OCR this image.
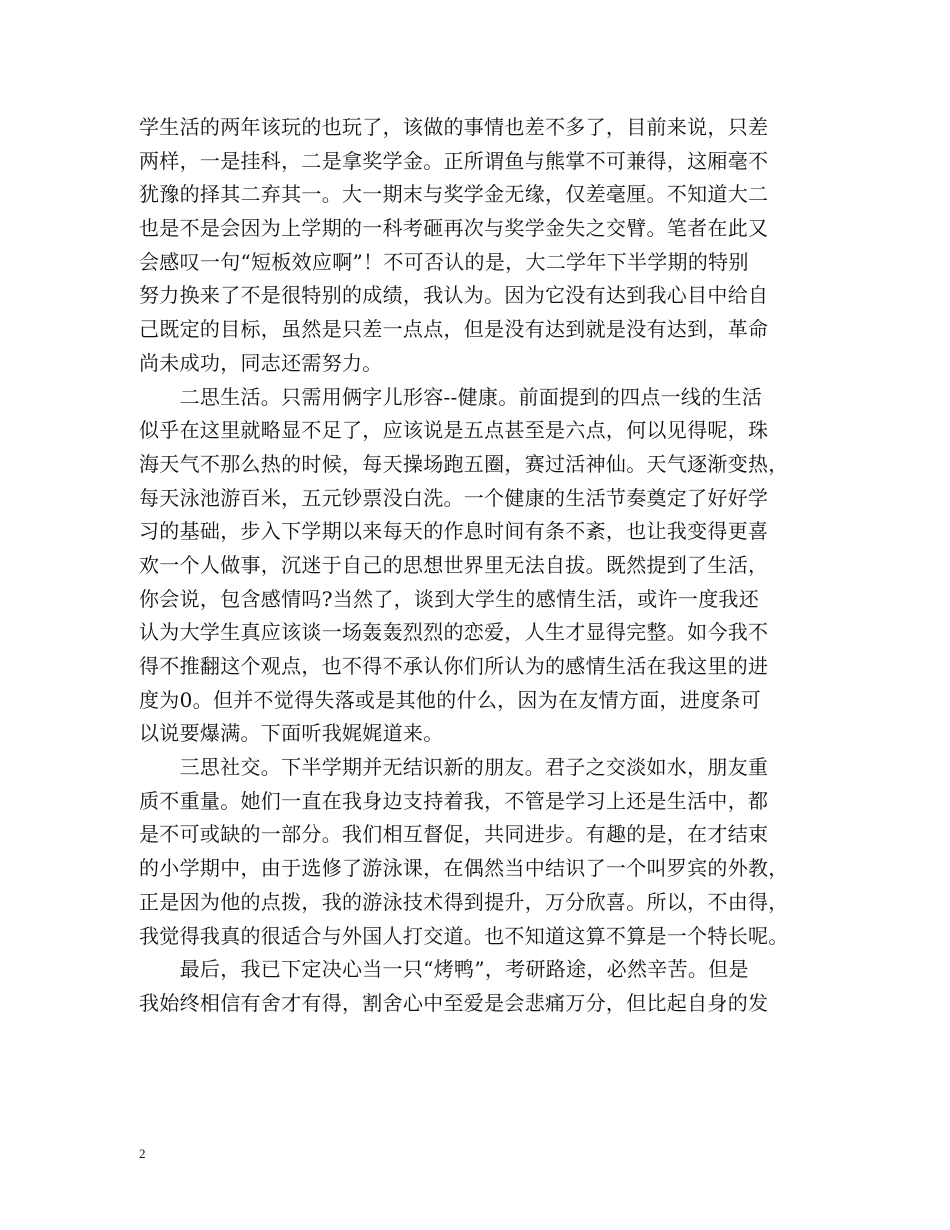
学生活的两年该玩的也玩了，该做的事情也差不多了，目前来说，只差
两样，一是挂科，二是拿奖学金。正所谓鱼与熊掌不可兼得，这厢毫不
犹豫的择其二弃其一。大一期末与奖学金无缘，仅差毫厘。不知道大二
也是不是会因为上学期的一科考砸再次与奖学金失之交臂。笔者在此又
会感叹一句“短板效应啊”！不可否认的是，大二学年下半学期的特别
努力换来了不是很特别的成绩，我认为。因为它没有达到我心目中给自
己既定的目标，虽然是只差一点点，但是没有达到就是没有达到，革命
尚未成功，同志还需努力。
　　二思生活。只需用俩字儿形容--健康。前面提到的四点一线的生活
似乎在这里就略显不足了，应该说是五点甚至是六点，何以见得呢，珠
海天气不那么热的时候，每天操场跑五圈，赛过活神仙。天气逐渐变热，
每天泳池游百米，五元钞票没白洗。一个健康的生活节奏奠定了好好学
习的基础，步入下学期以来每天的作息时间有条不紊，也让我变得更喜
欢一个人做事，沉迷于自己的思想世界里无法自拔。既然提到了生活，
你会说，包含感情吗?当然了，谈到大学生的感情生活，或许一度我还
认为大学生真应该谈一场轰轰烈烈的恋爱，人生才显得完整。如今我不
得不推翻这个观点，也不得不承认你们所认为的感情生活在我这里的进
度为0。但并不觉得失落或是其他的什么，因为在友情方面，进度条可
以说要爆满。下面听我娓娓道来。
　　三思社交。下半学期并无结识新的朋友。君子之交淡如水，朋友重
质不重量。她们一直在我身边支持着我，不管是学习上还是生活中，都
是不可或缺的一部分。我们相互督促，共同进步。有趣的是，在才结束
的小学期中，由于选修了游泳课，在偶然当中结识了一个叫罗宾的外教，
正是因为他的点拨，我的游泳技术得到提升，万分欣喜。所以，不由得，
我觉得我真的很适合与外国人打交道。也不知道这算不算是一个特长呢。
　　最后，我已下定决心当一只“烤鸭”，考研路途，必然辛苦。但是
我始终相信有舍才有得，割舍心中至爱是会悲痛万分，但比起自身的发
2
